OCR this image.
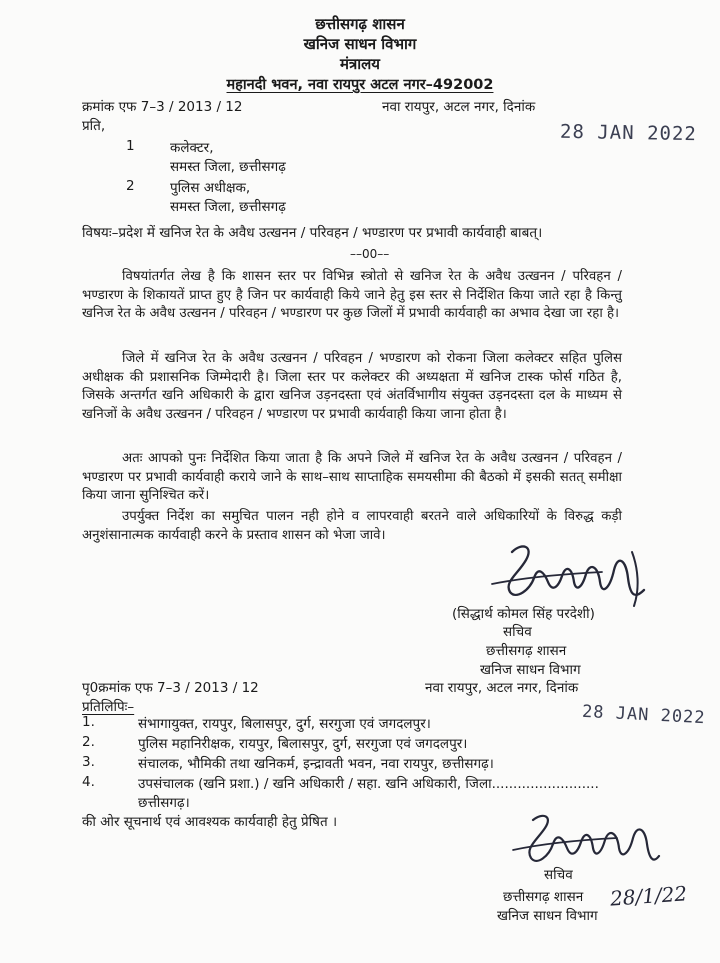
छत्तीसगढ़ शासन
खनिज साधन विभाग
मंत्रालय
महानदी भवन, नवा रायपुर अटल नगर–492002
क्रमांक एफ 7–3 / 2013 / 12	नवा रायपुर, अटल नगर, दिनांक
प्रति,	28 JAN 2022
1	कलेक्टर,
समस्त जिला, छत्तीसगढ़
2	पुलिस अधीक्षक,
समस्त जिला, छत्तीसगढ़
विषयः–प्रदेश में खनिज रेत के अवैध उत्खनन / परिवहन / भण्डारण पर प्रभावी कार्यवाही बाबत्।
––00––
विषयांतर्गत लेख है कि शासन स्तर पर विभिन्न स्त्रोतो से खनिज रेत के अवैध उत्खनन / परिवहन / भण्डारण के शिकायतें प्राप्त हुए है जिन पर कार्यवाही किये जाने हेतु इस स्तर से निर्देशित किया जाते रहा है किन्तु खनिज रेत के अवैध उत्खनन / परिवहन / भण्डारण पर कुछ जिलों में प्रभावी कार्यवाही का अभाव देखा जा रहा है।
जिले में खनिज रेत के अवैध उत्खनन / परिवहन / भण्डारण को रोकना जिला कलेक्टर सहित पुलिस अधीक्षक की प्रशासनिक जिम्मेदारी है। जिला स्तर पर कलेक्टर की अध्यक्षता में खनिज टास्क फोर्स गठित है, जिसके अन्तर्गत खनि अधिकारी के द्वारा खनिज उड़नदस्ता एवं अंतर्विभागीय संयुक्त उड़नदस्ता दल के माध्यम से खनिजों के अवैध उत्खनन / परिवहन / भण्डारण पर प्रभावी कार्यवाही किया जाना होता है।
अतः आपको पुनः निर्देशित किया जाता है कि अपने जिले में खनिज रेत के अवैध उत्खनन / परिवहन / भण्डारण पर प्रभावी कार्यवाही कराये जाने के साथ–साथ साप्ताहिक समयसीमा की बैठको में इसकी सतत् समीक्षा किया जाना सुनिश्चित करें।
उपर्युक्त निर्देश का समुचित पालन नही होने व लापरवाही बरतने वाले अधिकारियों के विरुद्ध कड़ी अनुशंसानात्मक कार्यवाही करने के प्रस्ताव शासन को भेजा जावे।
(सिद्धार्थ कोमल सिंह परदेशी)
सचिव
छत्तीसगढ़ शासन
खनिज साधन विभाग
पृ0क्रमांक एफ 7–3 / 2013 / 12	नवा रायपुर, अटल नगर, दिनांक
प्रतिलिपिः–	28 JAN 2022
1.	संभागायुक्त, रायपुर, बिलासपुर, दुर्ग, सरगुजा एवं जगदलपुर।
2.	पुलिस महानिरीक्षक, रायपुर, बिलासपुर, दुर्ग, सरगुजा एवं जगदलपुर।
3.	संचालक, भौमिकी तथा खनिकर्म, इन्द्रावती भवन, नवा रायपुर, छत्तीसगढ़।
4.	उपसंचालक (खनि प्रशा.) / खनि अधिकारी / सहा. खनि अधिकारी, जिला.........................
छत्तीसगढ़।
की ओर सूचनार्थ एवं आवश्यक कार्यवाही हेतु प्रेषित ।
सचिव
छत्तीसगढ़ शासन
खनिज साधन विभाग
28/1/22
